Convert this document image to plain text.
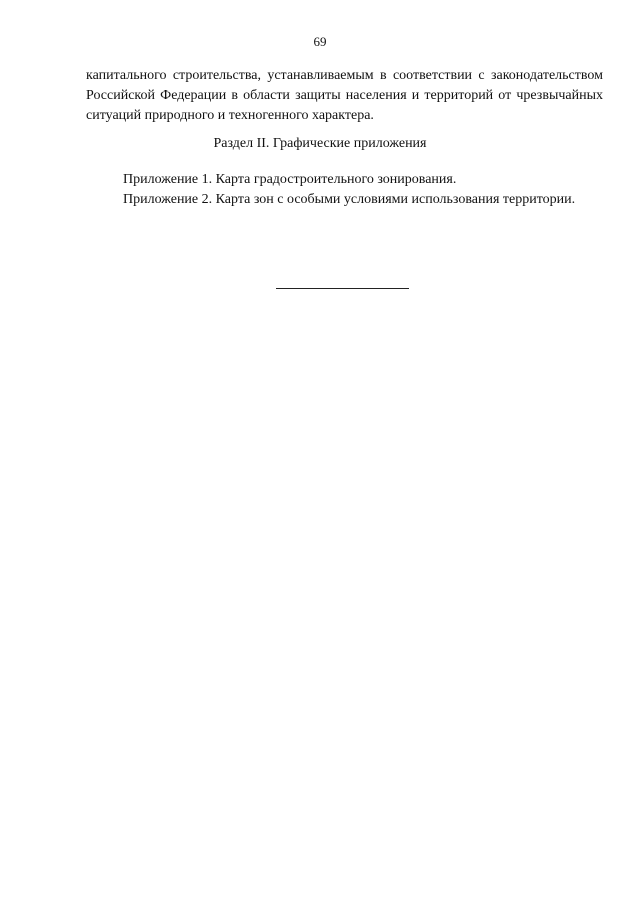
69
капитального строительства, устанавливаемым в соответствии с законодательством Российской Федерации в области защиты населения и территорий от чрезвычайных ситуаций природного и техногенного характера.
Раздел II. Графические приложения

Приложение 1. Карта градостроительного зонирования.

Приложение 2. Карта зон с особыми условиями использования территории.
